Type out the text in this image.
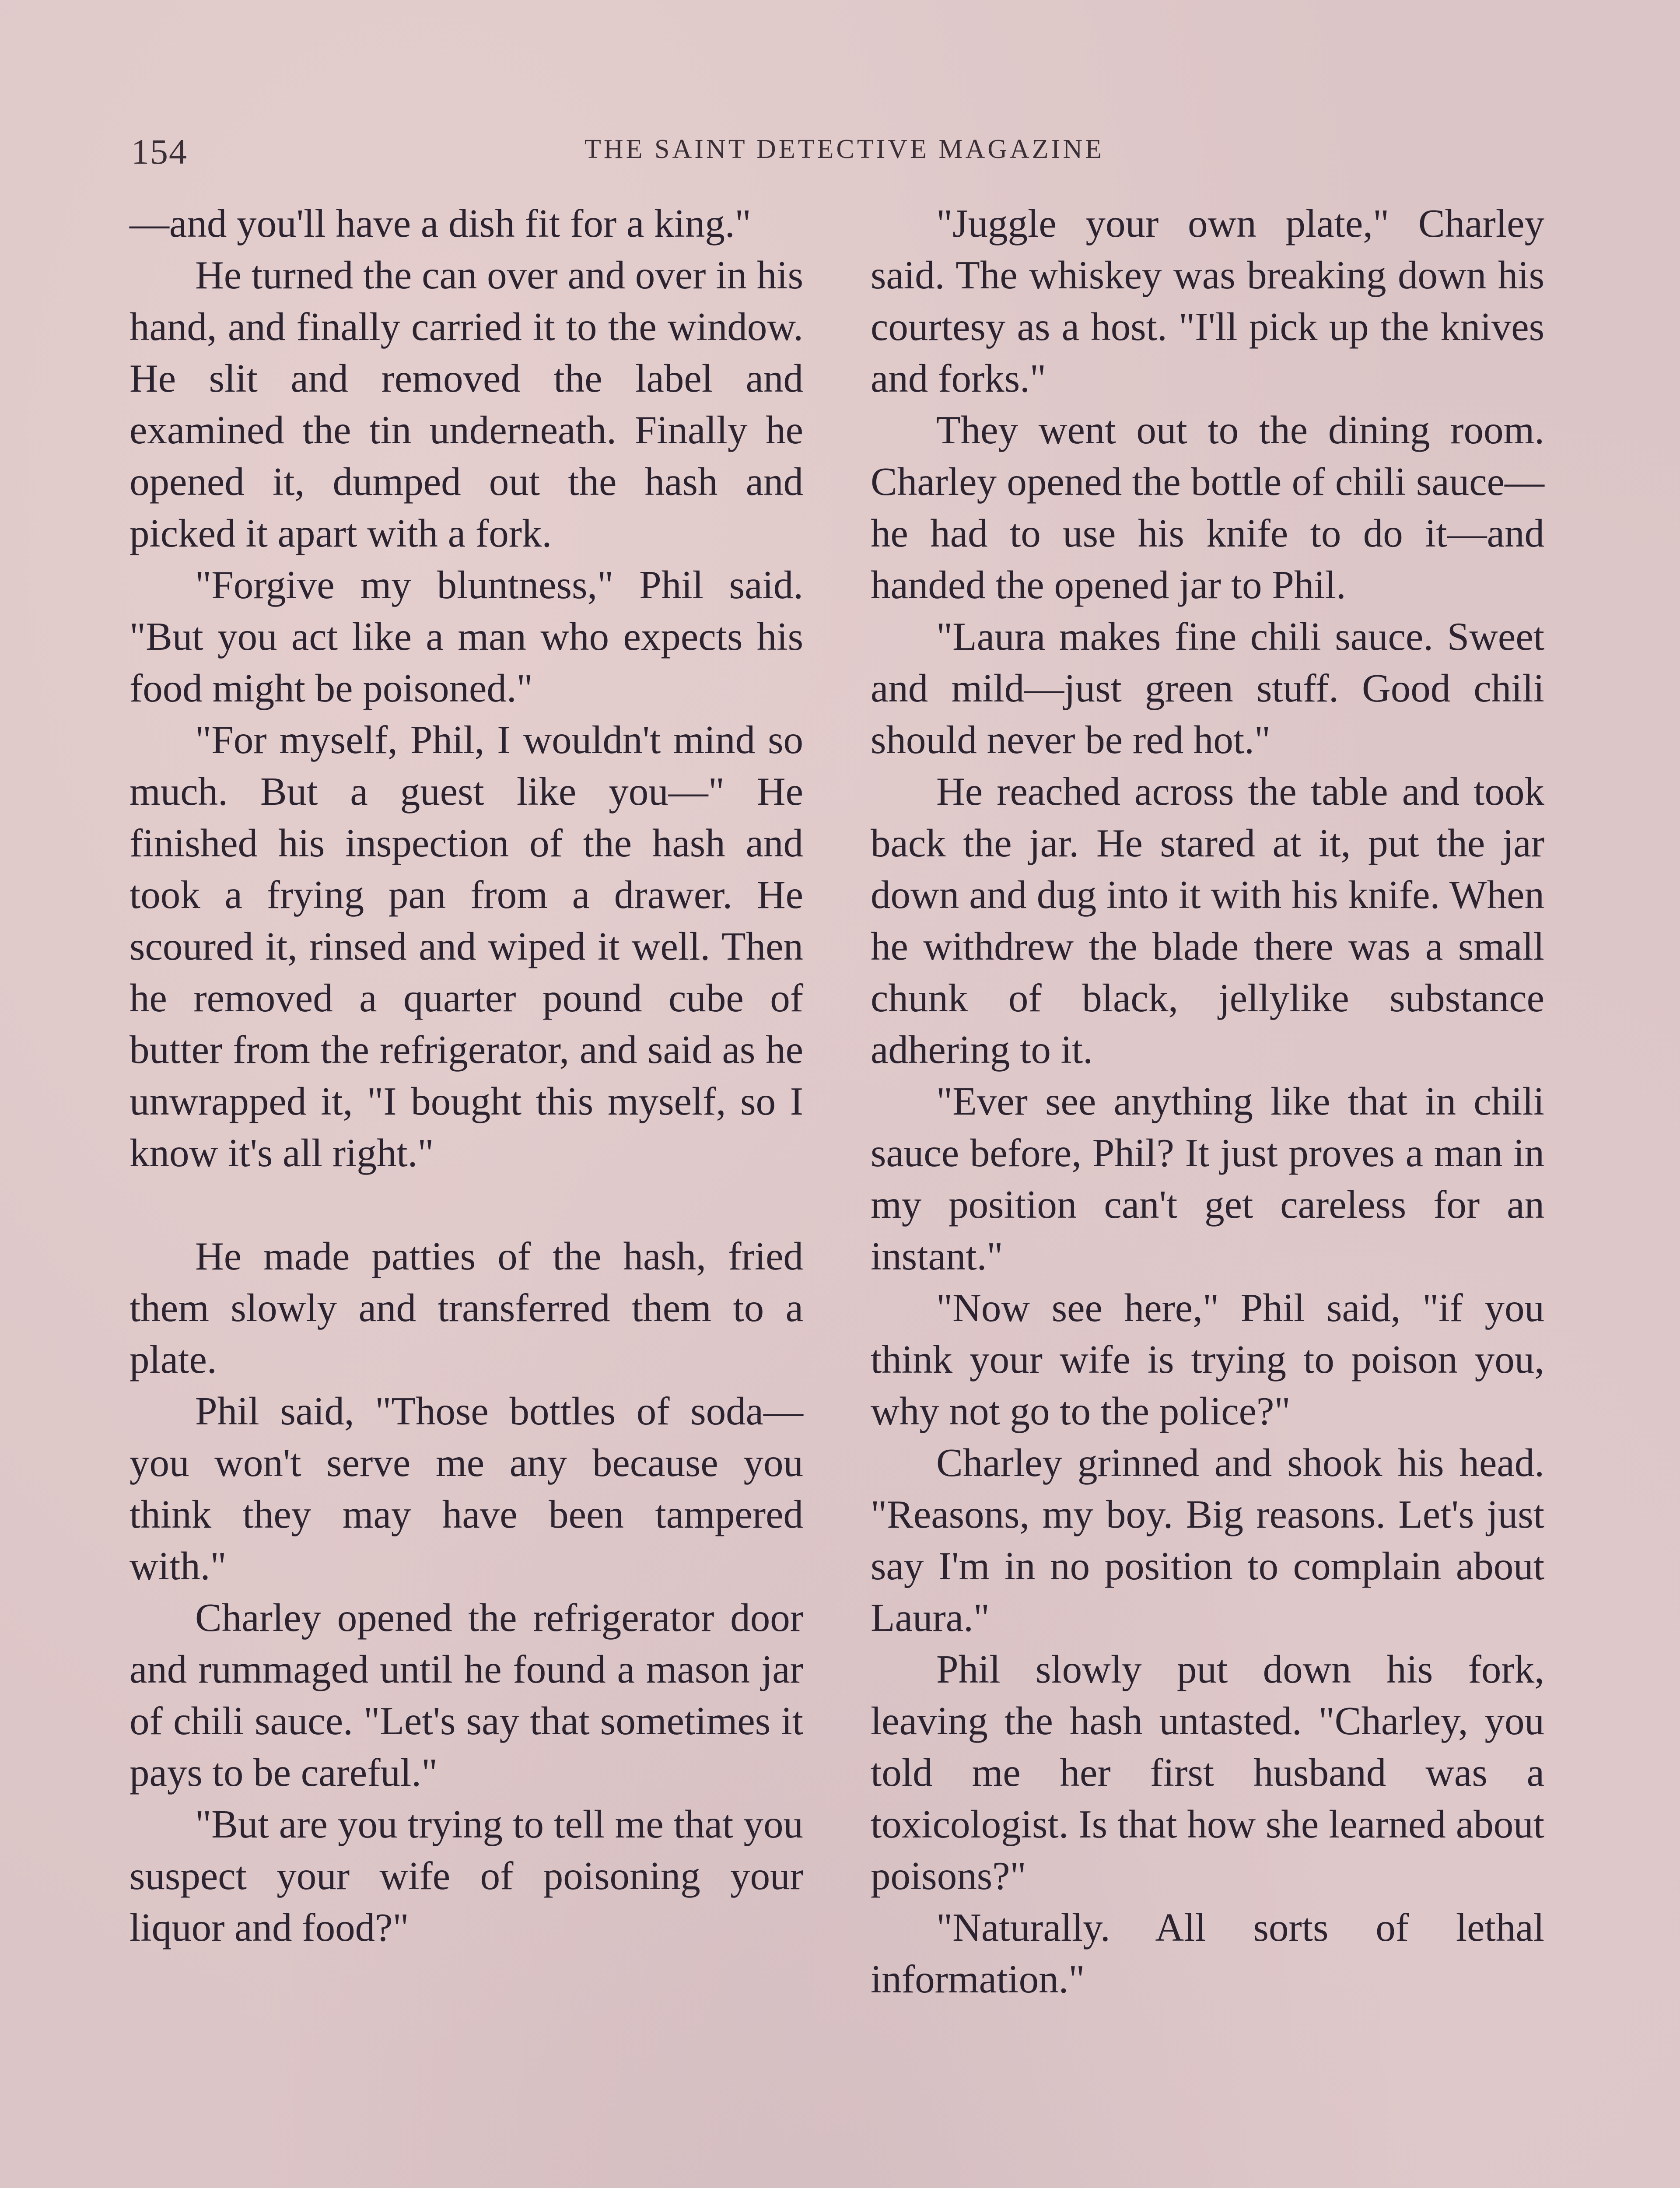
154	THE SAINT DETECTIVE MAGAZINE

—and you'll have a dish fit for a king."

He turned the can over and over in his hand, and finally carried it to the window. He slit and removed the label and examined the tin underneath. Finally he opened it, dumped out the hash and picked it apart with a fork.

"Forgive my bluntness," Phil said. "But you act like a man who expects his food might be poisoned."

"For myself, Phil, I wouldn't mind so much. But a guest like you—" He finished his inspection of the hash and took a frying pan from a drawer. He scoured it, rinsed and wiped it well. Then he removed a quarter pound cube of butter from the refrigerator, and said as he unwrapped it, "I bought this myself, so I know it's all right."

He made patties of the hash, fried them slowly and transferred them to a plate.

Phil said, "Those bottles of soda—you won't serve me any because you think they may have been tampered with."

Charley opened the refrigerator door and rummaged until he found a mason jar of chili sauce. "Let's say that sometimes it pays to be careful."

"But are you trying to tell me that you suspect your wife of poisoning your liquor and food?"

"Juggle your own plate," Charley said. The whiskey was breaking down his courtesy as a host. "I'll pick up the knives and forks."

They went out to the dining room. Charley opened the bottle of chili sauce—he had to use his knife to do it—and handed the opened jar to Phil.

"Laura makes fine chili sauce. Sweet and mild—just green stuff. Good chili should never be red hot."

He reached across the table and took back the jar. He stared at it, put the jar down and dug into it with his knife. When he withdrew the blade there was a small chunk of black, jellylike substance adhering to it.

"Ever see anything like that in chili sauce before, Phil? It just proves a man in my position can't get careless for an instant."

"Now see here," Phil said, "if you think your wife is trying to poison you, why not go to the police?"

Charley grinned and shook his head. "Reasons, my boy. Big reasons. Let's just say I'm in no position to complain about Laura."

Phil slowly put down his fork, leaving the hash untasted. "Charley, you told me her first husband was a toxicologist. Is that how she learned about poisons?"

"Naturally. All sorts of lethal information."
